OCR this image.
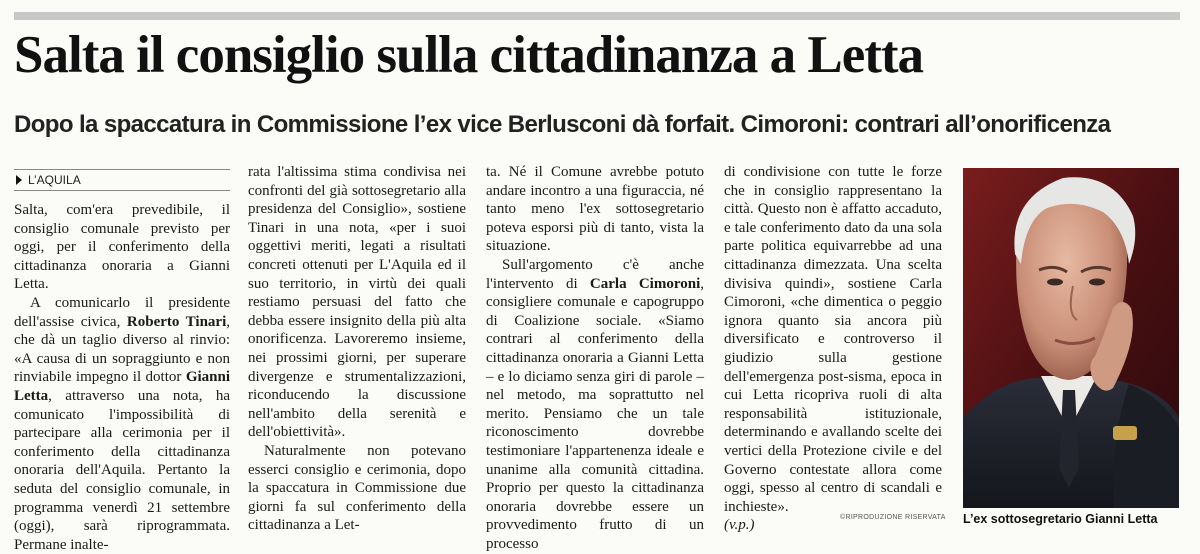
Salta il consiglio sulla cittadinanza a Letta
Dopo la spaccatura in Commissione l’ex vice Berlusconi dà forfait. Cimoroni: contrari all’onorificenza
L’AQUILA

Salta, com'era prevedibile, il consiglio comunale previsto per oggi, per il conferimento della cittadinanza onoraria a Gianni Letta.

A comunicarlo il presidente dell'assise civica, Roberto Tinari, che dà un taglio diverso al rinvio: «A causa di un sopraggiunto e non rinviabile impegno il dottor Gianni Letta, attraverso una nota, ha comunicato l'impossibilità di partecipare alla cerimonia per il conferimento della cittadinanza onoraria dell'Aquila. Pertanto la seduta del consiglio comunale, in programma venerdì 21 settembre (oggi), sarà riprogrammata. Permane inalte-

rata l'altissima stima condivisa nei confronti del già sottosegretario alla presidenza del Consiglio», sostiene Tinari in una nota, «per i suoi oggettivi meriti, legati a risultati concreti ottenuti per L'Aquila ed il suo territorio, in virtù dei quali restiamo persuasi del fatto che debba essere insignito della più alta onorificenza. Lavoreremo insieme, nei prossimi giorni, per superare divergenze e strumentalizzazioni, riconducendo la discussione nell'ambito della serenità e dell'obiettività».

Naturalmente non potevano esserci consiglio e cerimonia, dopo la spaccatura in Commissione due giorni fa sul conferimento della cittadinanza a Let-

ta. Né il Comune avrebbe potuto andare incontro a una figuraccia, né tanto meno l'ex sottosegretario poteva esporsi più di tanto, vista la situazione.

Sull'argomento c'è anche l'intervento di Carla Cimoroni, consigliere comunale e capogruppo di Coalizione sociale. «Siamo contrari al conferimento della cittadinanza onoraria a Gianni Letta – e lo diciamo senza giri di parole – nel metodo, ma soprattutto nel merito. Pensiamo che un tale riconoscimento dovrebbe testimoniare l'appartenenza ideale e unanime alla comunità cittadina. Proprio per questo la cittadinanza onoraria dovrebbe essere un provvedimento frutto di un processo

di condivisione con tutte le forze che in consiglio rappresentano la città. Questo non è affatto accaduto, e tale conferimento dato da una sola parte politica equivarrebbe ad una cittadinanza dimezzata. Una scelta divisiva quindi», sostiene Carla Cimoroni, «che dimentica o peggio ignora quanto sia ancora più diversificato e controverso il giudizio sulla gestione dell'emergenza post-sisma, epoca in cui Letta ricopriva ruoli di alta responsabilità istituzionale, determinando e avallando scelte dei vertici della Protezione civile e del Governo contestate allora come oggi, spesso al centro di scandali e inchieste».

(v.p.)	©RIPRODUZIONE RISERVATA L’ex sottosegretario Gianni Letta
